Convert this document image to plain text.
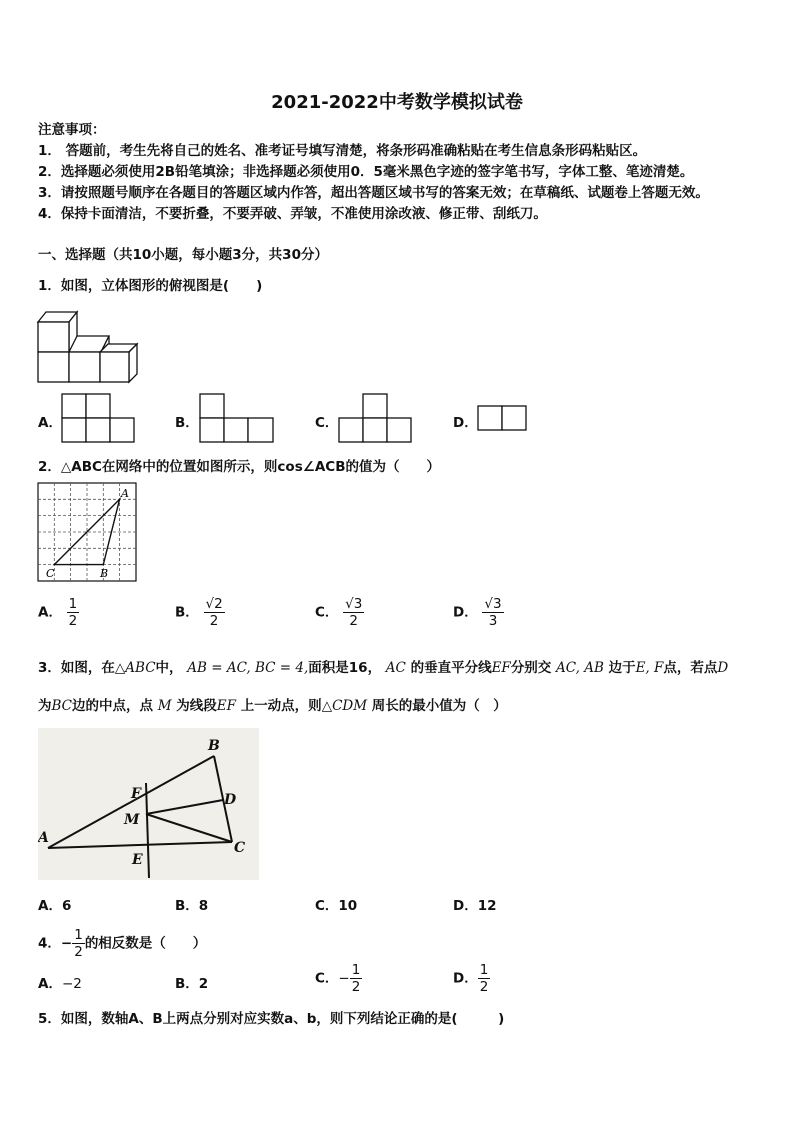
2021-2022中考数学模拟试卷
注意事项：
1． 答题前，考生先将自己的姓名、准考证号填写清楚，将条形码准确粘贴在考生信息条形码粘贴区。
2．选择题必须使用2B铅笔填涂；非选择题必须使用0．5毫米黑色字迹的签字笔书写，字体工整、笔迹清楚。
3．请按照题号顺序在各题目的答题区域内作答，超出答题区域书写的答案无效；在草稿纸、试题卷上答题无效。
4．保持卡面清洁，不要折叠，不要弄破、弄皱，不准使用涂改液、修正带、刮纸刀。
一、选择题（共10小题，每小题3分，共30分）
1．如图，立体图形的俯视图是(　　)
A．	B．	C．	D．
2．△ABC在网络中的位置如图所示，则cos∠ACB的值为（　　）
A
B
C
A． $\frac{1}{2}$	B． $\frac{√2}{2}$	C． $\frac{√3}{2}$	D． $\frac{√3}{3}$
3．如图，在△ABC中， AB = AC, BC = 4,面积是16， AC 的垂直平分线EF分别交 AC, AB 边于E, F点，若点D
为BC边的中点，点 M 为线段EF 上一动点，则△CDM 周长的最小值为（　）
B
F	D
M
A
C
E
A．6	B．8	C．10	D．12
4．− $\frac{1}{2}$ 的相反数是（　　）
A．−2	B．2	C．− $\frac{1}{2}$	D． $\frac{1}{2}$
5．如图，数轴A、B上两点分别对应实数a、b，则下列结论正确的是(　　　)
